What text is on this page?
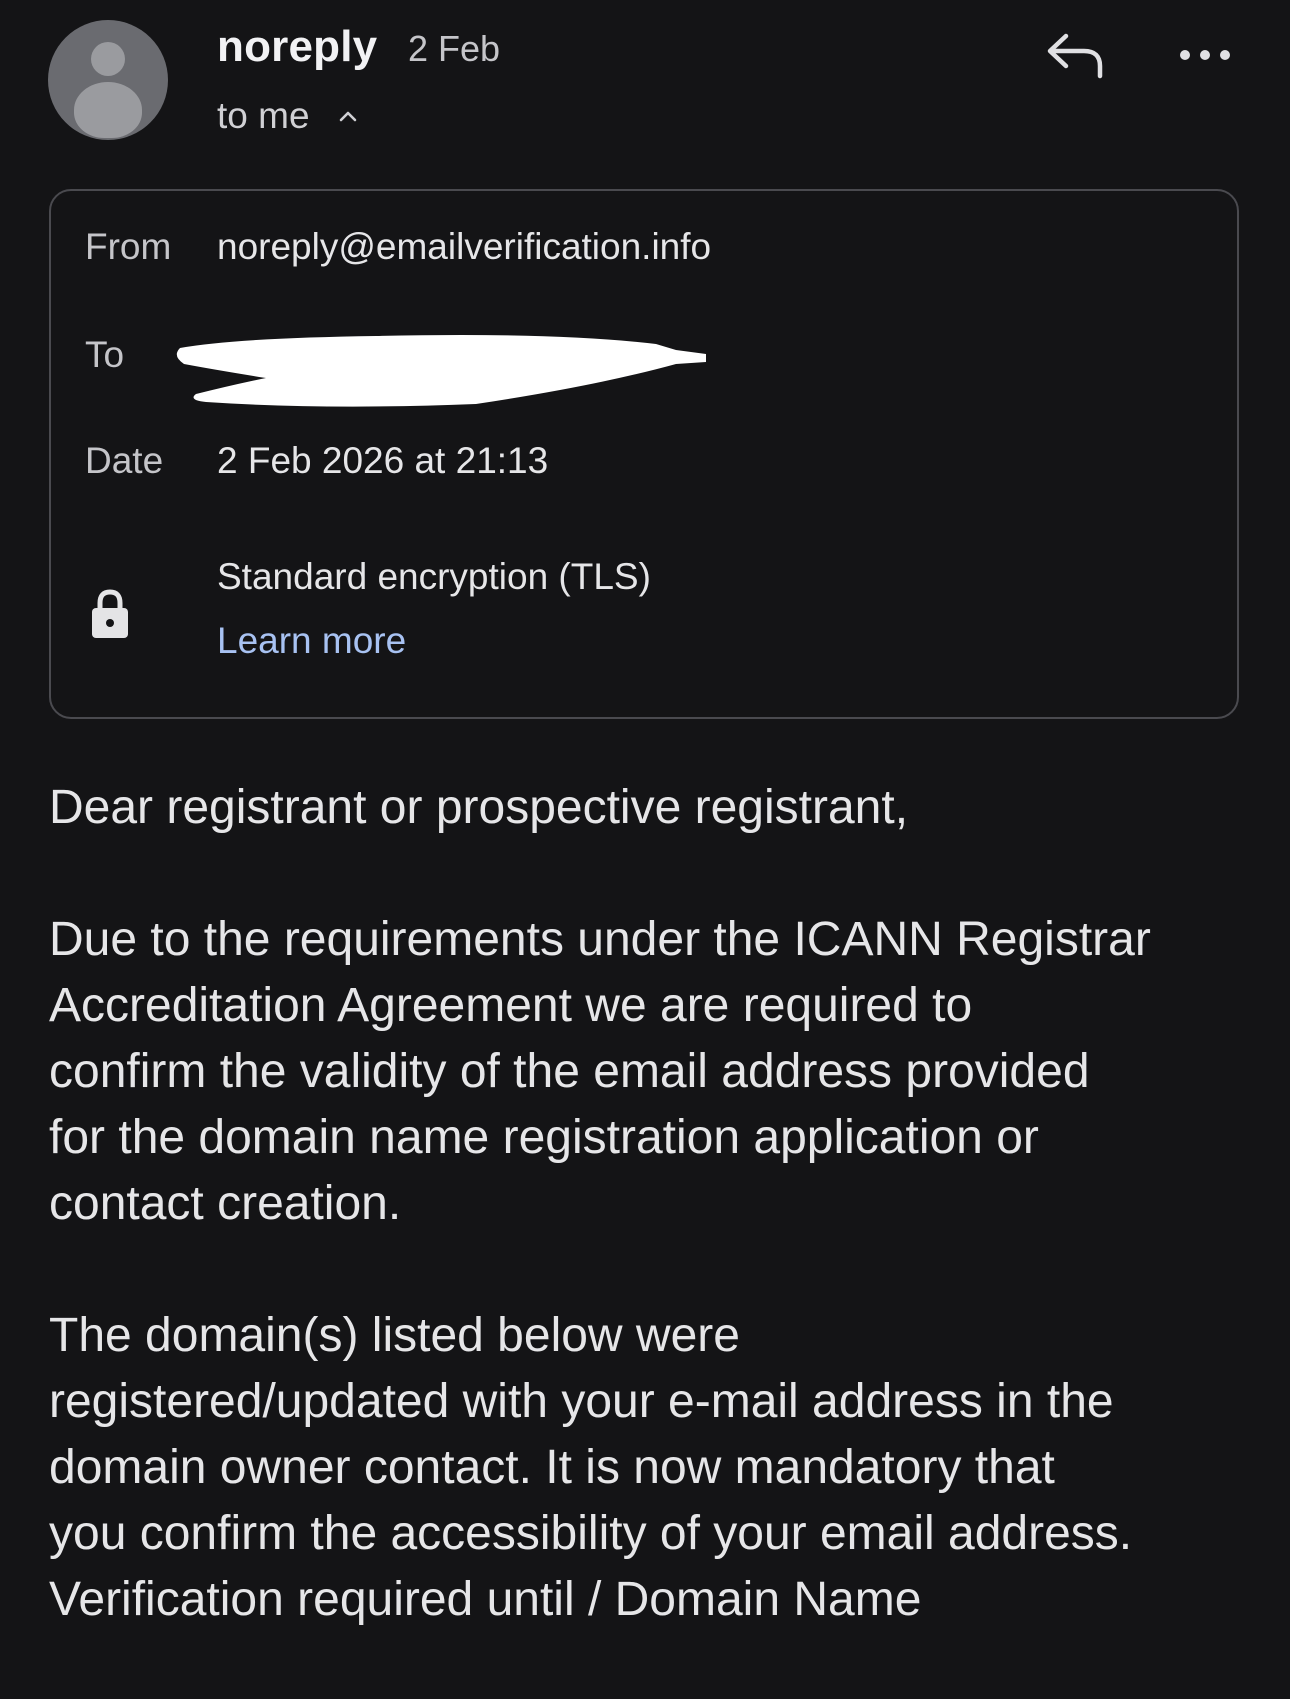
noreply 2 Feb
to me
From noreply@emailverification.info
To
Date 2 Feb 2026 at 21:13
Standard encryption (TLS)
Learn more

Dear registrant or prospective registrant,

Due to the requirements under the ICANN Registrar
Accreditation Agreement we are required to
confirm the validity of the email address provided
for the domain name registration application or
contact creation.

The domain(s) listed below were
registered/updated with your e-mail address in the
domain owner contact. It is now mandatory that
you confirm the accessibility of your email address.
Verification required until / Domain Name
